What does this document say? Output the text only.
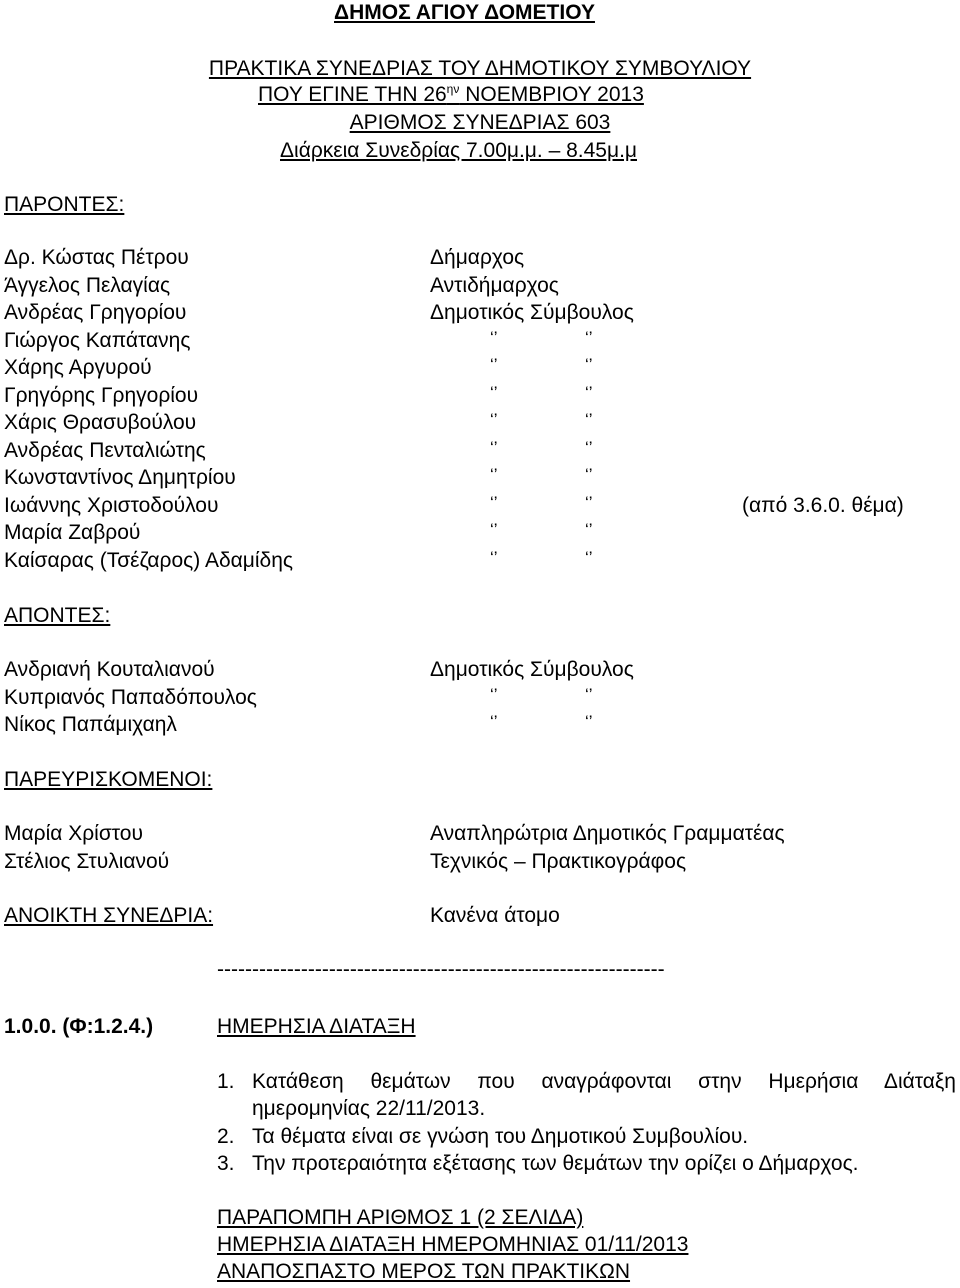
ΔΗΜΟΣ ΑΓΙΟΥ ΔΟΜΕΤΙΟΥ
ΠΡΑΚΤΙΚΑ ΣΥΝΕΔΡΙΑΣ ΤΟΥ ΔΗΜΟΤΙΚΟΥ ΣΥΜΒΟΥΛΙΟΥ
ΠΟΥ ΕΓΙΝΕ ΤΗΝ $26^{\eta\nu}$ ΝΟΕΜΒΡΙΟΥ 2013
ΑΡΙΘΜΟΣ ΣΥΝΕΔΡΙΑΣ 603
Διάρκεια Συνεδρίας 7.00μ.μ. – 8.45μ.μ
ΠΑΡΟΝΤΕΣ:
Δρ. Κώστας Πέτρου	Δήμαρχος
Άγγελος Πελαγίας	Αντιδήμαρχος
Ανδρέας Γρηγορίου	Δημοτικός Σύμβουλος
Γιώργος Καπάτανης	‘’	‘’
Χάρης Αργυρού	‘’	‘’
Γρηγόρης Γρηγορίου	‘’	‘’
Χάρις Θρασυβούλου	‘’	‘’
Ανδρέας Πενταλιώτης	‘’	‘’
Κωνσταντίνος Δημητρίου	‘’	‘’
Ιωάννης Χριστοδούλου	‘’	‘’	(από 3.6.0. θέμα)
Μαρία Ζαβρού	‘’	‘’
Καίσαρας (Τσέζαρος) Αδαμίδης	‘’	‘’
ΑΠΟΝΤΕΣ:
Ανδριανή Κουταλιανού	Δημοτικός Σύμβουλος
Κυπριανός Παπαδόπουλος	‘’	‘’
Νίκος Παπάμιχαηλ	‘’	‘’
ΠΑΡΕΥΡΙΣΚΟΜΕΝΟΙ:
Μαρία Χρίστου	Αναπληρώτρια Δημοτικός Γραμματέας
Στέλιος Στυλιανού	Τεχνικός – Πρακτικογράφος
ΑΝΟΙΚΤΗ ΣΥΝΕΔΡΙΑ:	Κανένα άτομο
----------------------------------------------------------------
1.0.0. (Φ:1.2.4.)	ΗΜΕΡΗΣΙΑ ΔΙΑΤΑΞΗ
1. Κατάθεση θεμάτων που αναγράφονται στην Ημερήσια Διάταξη
ημερομηνίας 22/11/2013.
2. Τα θέματα είναι σε γνώση του Δημοτικού Συμβουλίου.
3. Την προτεραιότητα εξέτασης των θεμάτων την ορίζει ο Δήμαρχος.
ΠΑΡΑΠΟΜΠΗ ΑΡΙΘΜΟΣ 1 (2 ΣΕΛΙΔΑ)
ΗΜΕΡΗΣΙΑ ΔΙΑΤΑΞΗ ΗΜΕΡΟΜΗΝΙΑΣ 01/11/2013
ΑΝΑΠΟΣΠΑΣΤΟ ΜΕΡΟΣ ΤΩΝ ΠΡΑΚΤΙΚΩΝ
